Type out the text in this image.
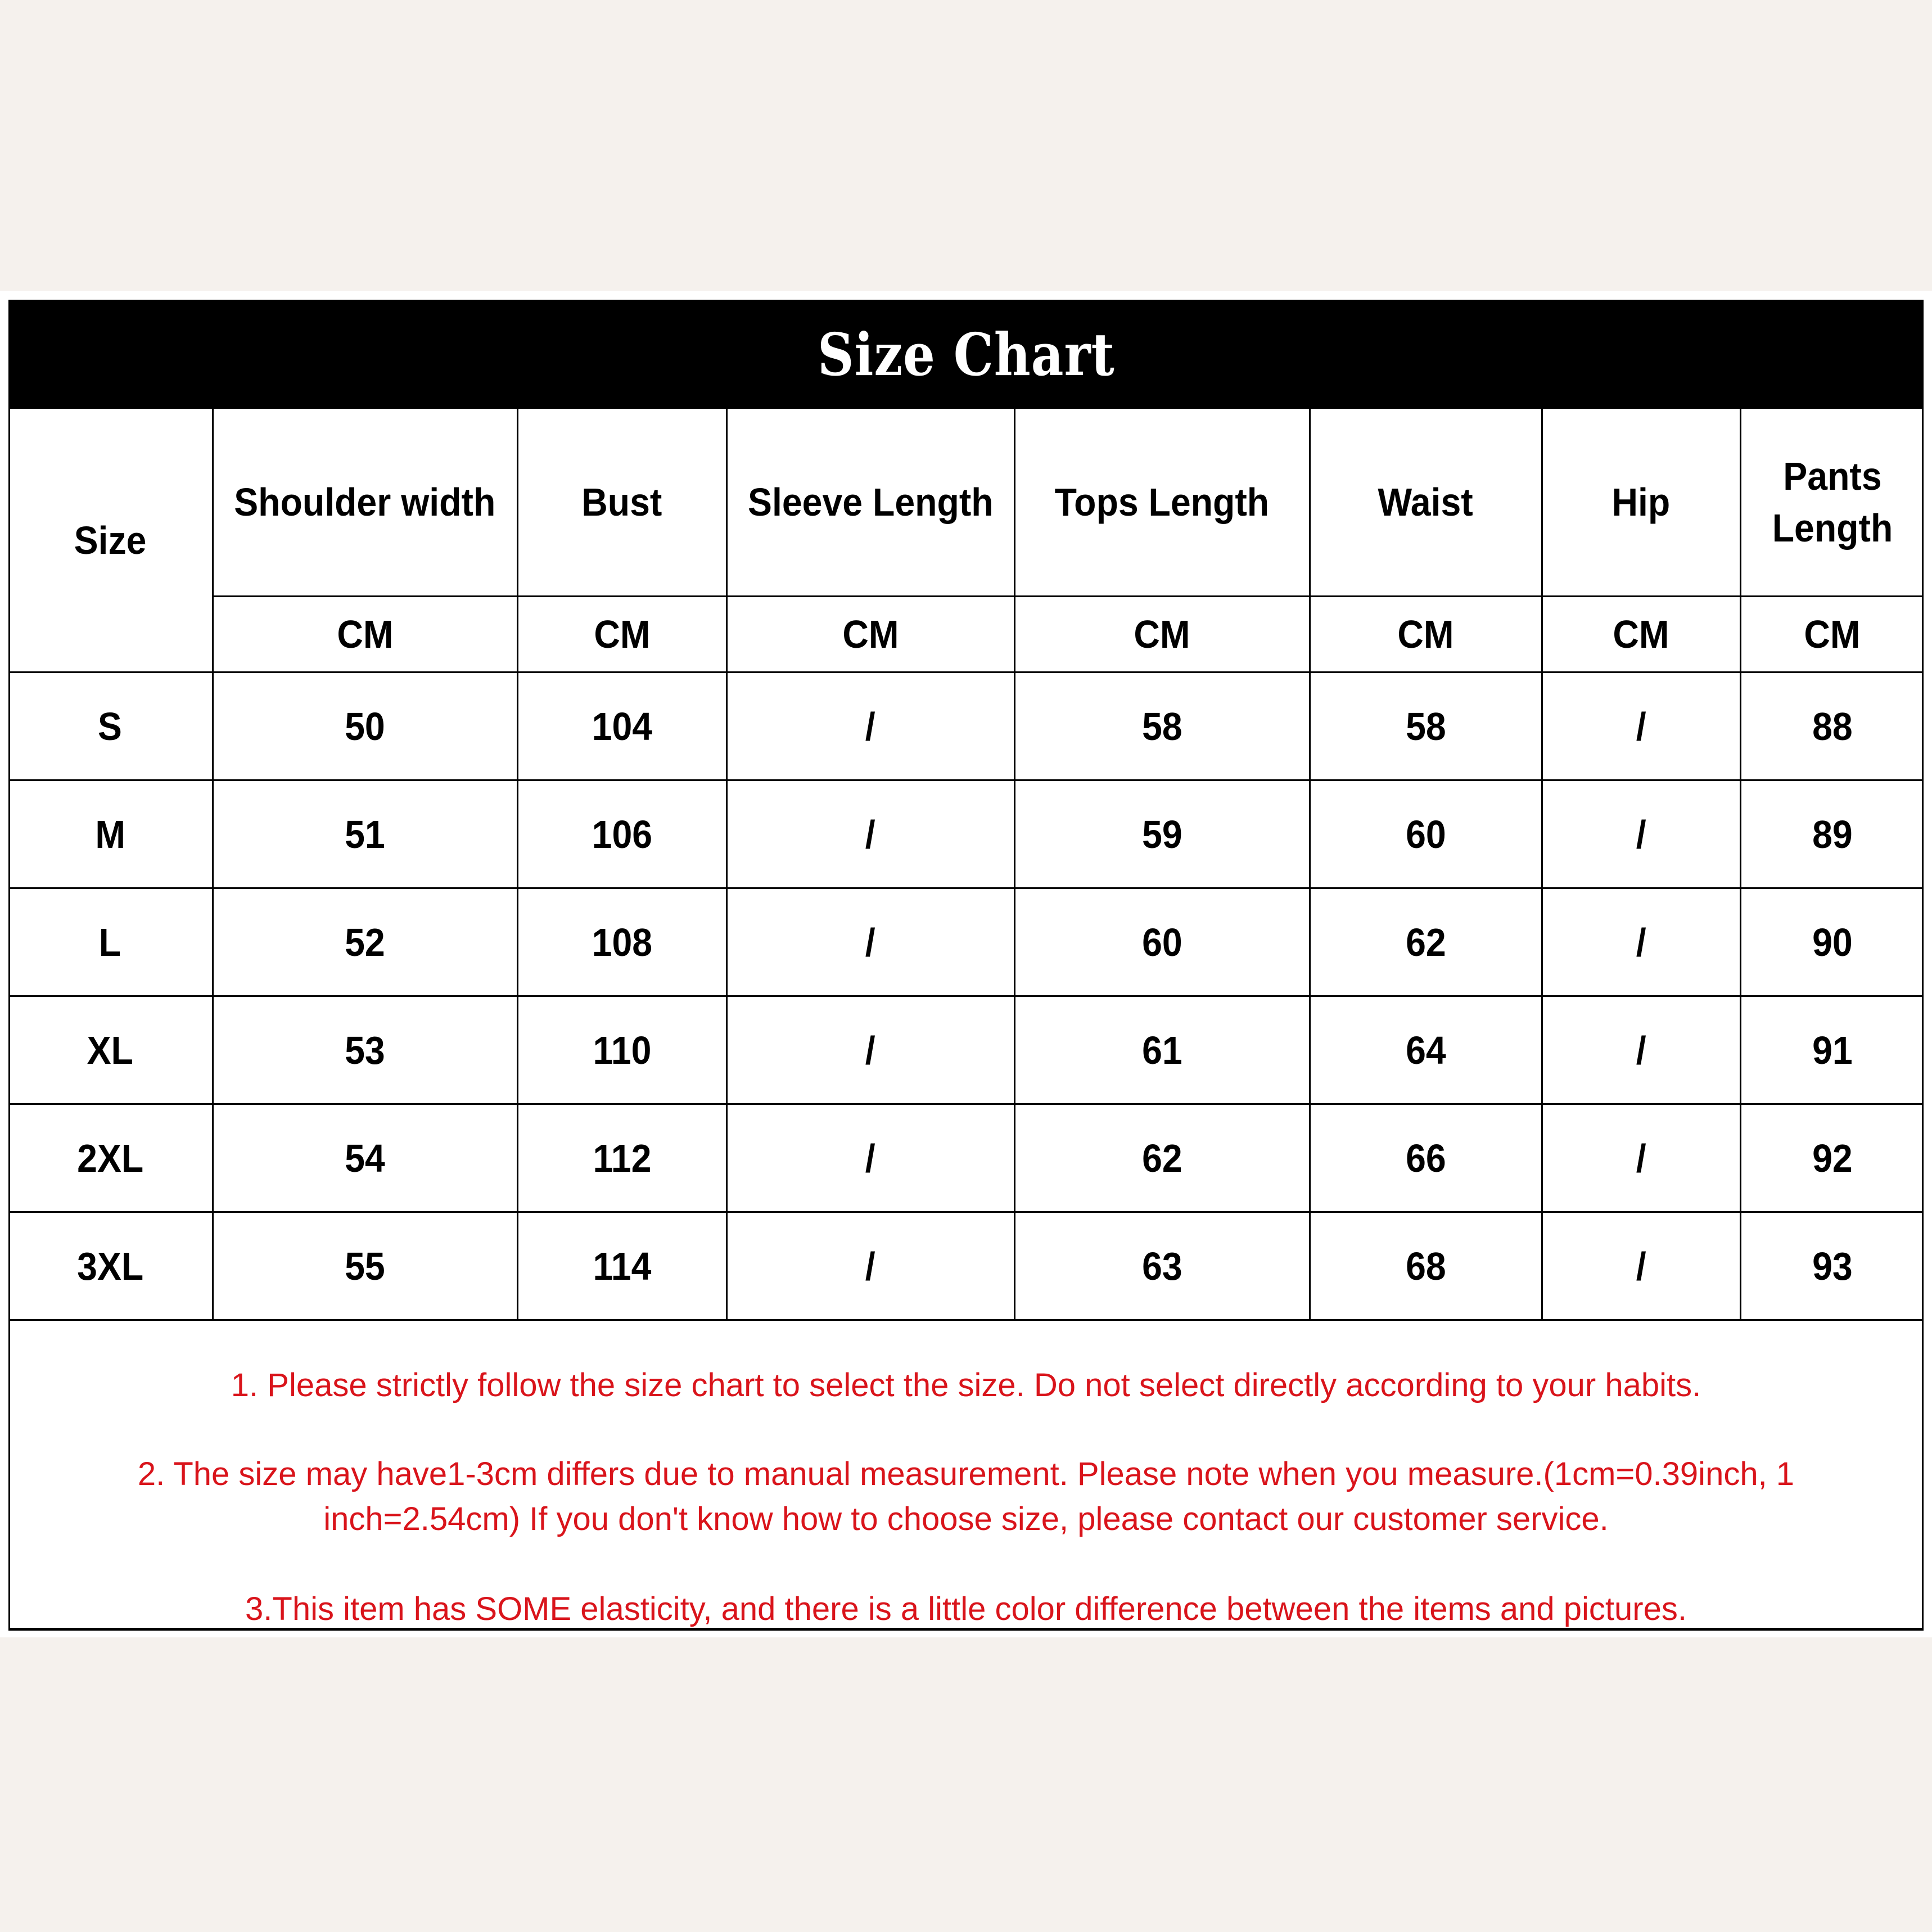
Size Chart
Size	Shoulder width	Bust	Sleeve Length	Tops Length	Waist	Hip	Pants Length
	CM	CM	CM	CM	CM	CM	CM
S	50	104	/	58	58	/	88
M	51	106	/	59	60	/	89
L	52	108	/	60	62	/	90
XL	53	110	/	61	64	/	91
2XL	54	112	/	62	66	/	92
3XL	55	114	/	63	68	/	93
1. Please strictly follow the size chart to select the size. Do not select directly according to your habits.
2. The size may have1-3cm differs due to manual measurement. Please note when you measure.(1cm=0.39inch, 1 inch=2.54cm) If you don't know how to choose size, please contact our customer service.
3.This item has SOME elasticity, and there is a little color difference between the items and pictures.
